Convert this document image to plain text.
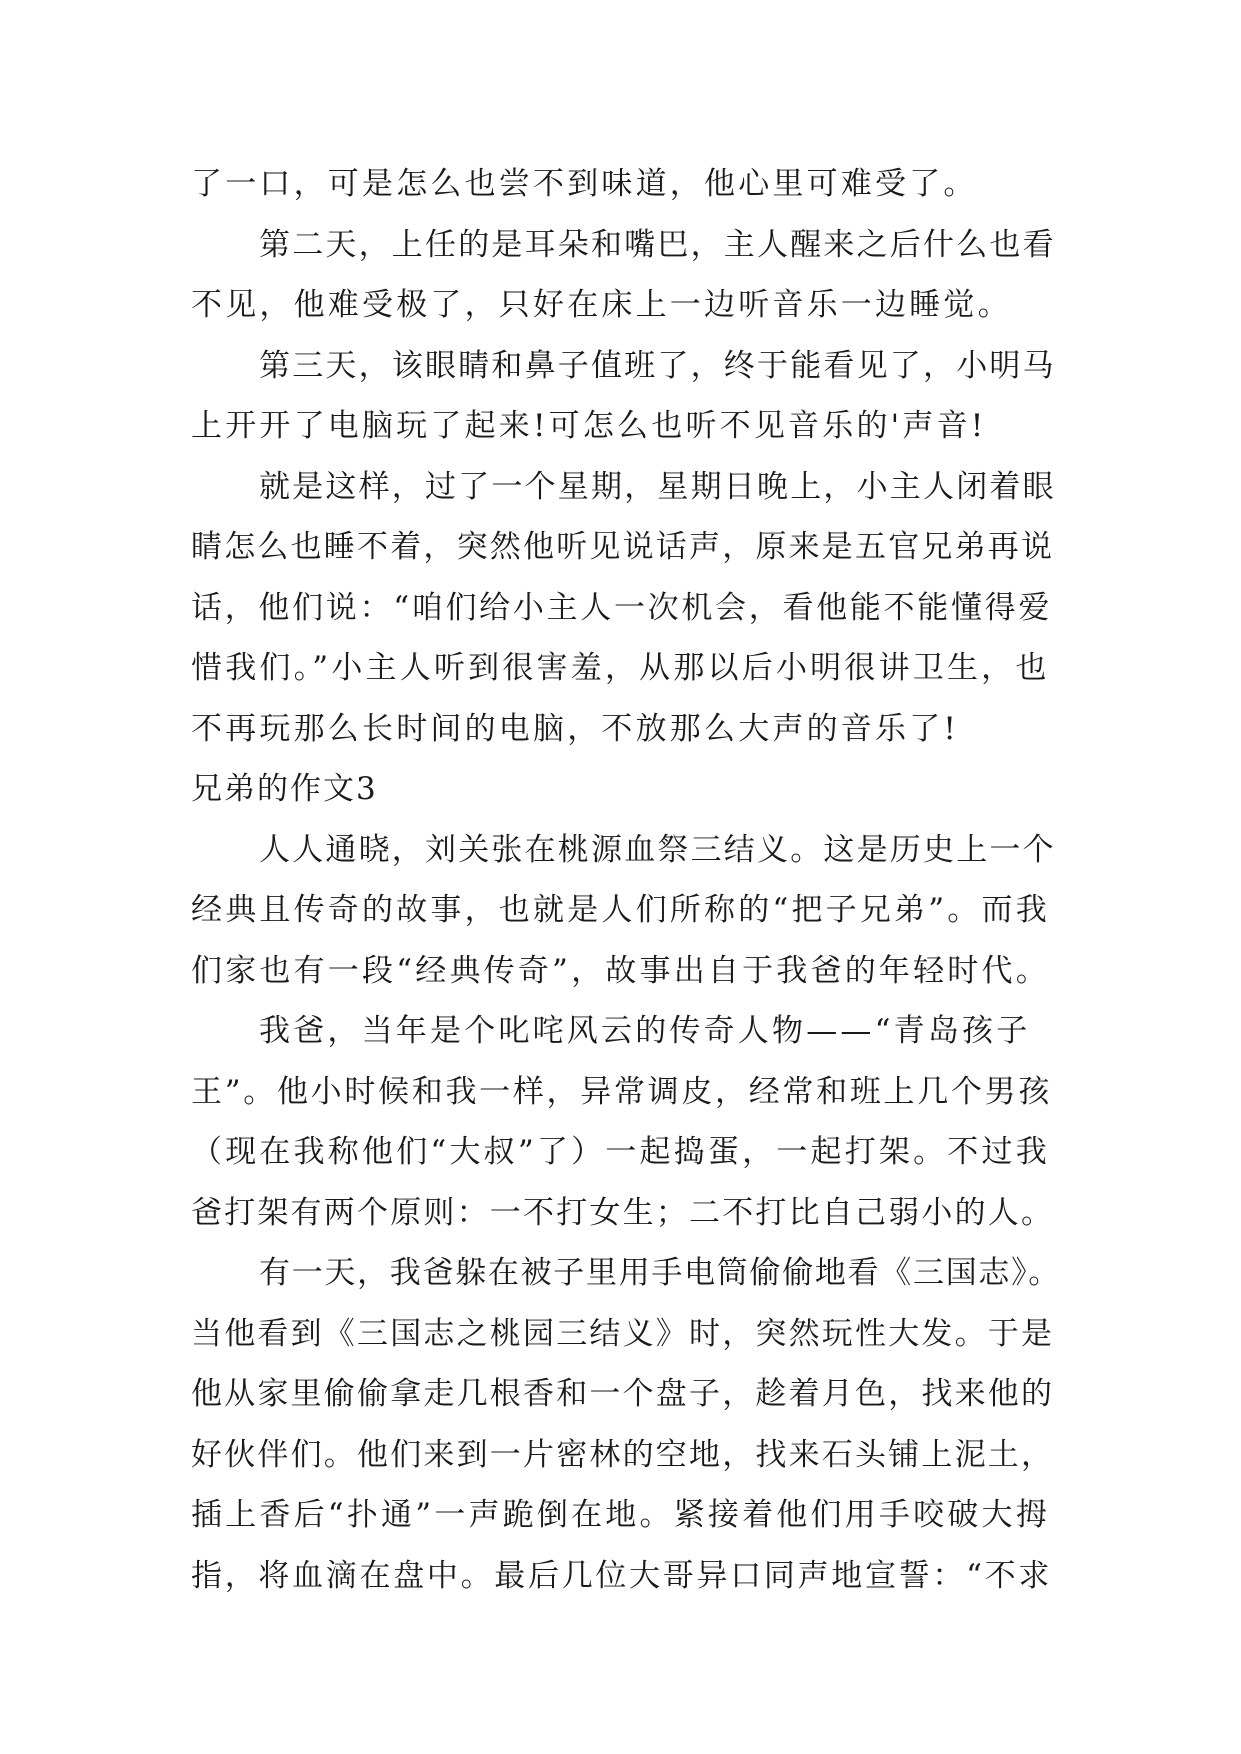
了一口，可是怎么也尝不到味道，他心里可难受了。
第二天，上任的是耳朵和嘴巴，主人醒来之后什么也看
不见，他难受极了，只好在床上一边听音乐一边睡觉。
第三天，该眼睛和鼻子值班了，终于能看见了，小明马
上开开了电脑玩了起来!可怎么也听不见音乐的'声音!
就是这样，过了一个星期，星期日晚上，小主人闭着眼
睛怎么也睡不着，突然他听见说话声，原来是五官兄弟再说
话，他们说：“咱们给小主人一次机会，看他能不能懂得爱
惜我们。”小主人听到很害羞，从那以后小明很讲卫生，也
不再玩那么长时间的电脑，不放那么大声的音乐了!
兄弟的作文3
人人通晓，刘关张在桃源血祭三结义。这是历史上一个
经典且传奇的故事，也就是人们所称的“把子兄弟”。而我
们家也有一段“经典传奇”，故事出自于我爸的年轻时代。
我爸，当年是个叱咤风云的传奇人物——“青岛孩子
王”。他小时候和我一样，异常调皮，经常和班上几个男孩
（现在我称他们“大叔”了）一起捣蛋，一起打架。不过我
爸打架有两个原则：一不打女生；二不打比自己弱小的人。
有一天，我爸躲在被子里用手电筒偷偷地看《三国志》。
当他看到《三国志之桃园三结义》时，突然玩性大发。于是
他从家里偷偷拿走几根香和一个盘子，趁着月色，找来他的
好伙伴们。他们来到一片密林的空地，找来石头铺上泥土，
插上香后“扑通”一声跪倒在地。紧接着他们用手咬破大拇
指，将血滴在盘中。最后几位大哥异口同声地宣誓：“不求
